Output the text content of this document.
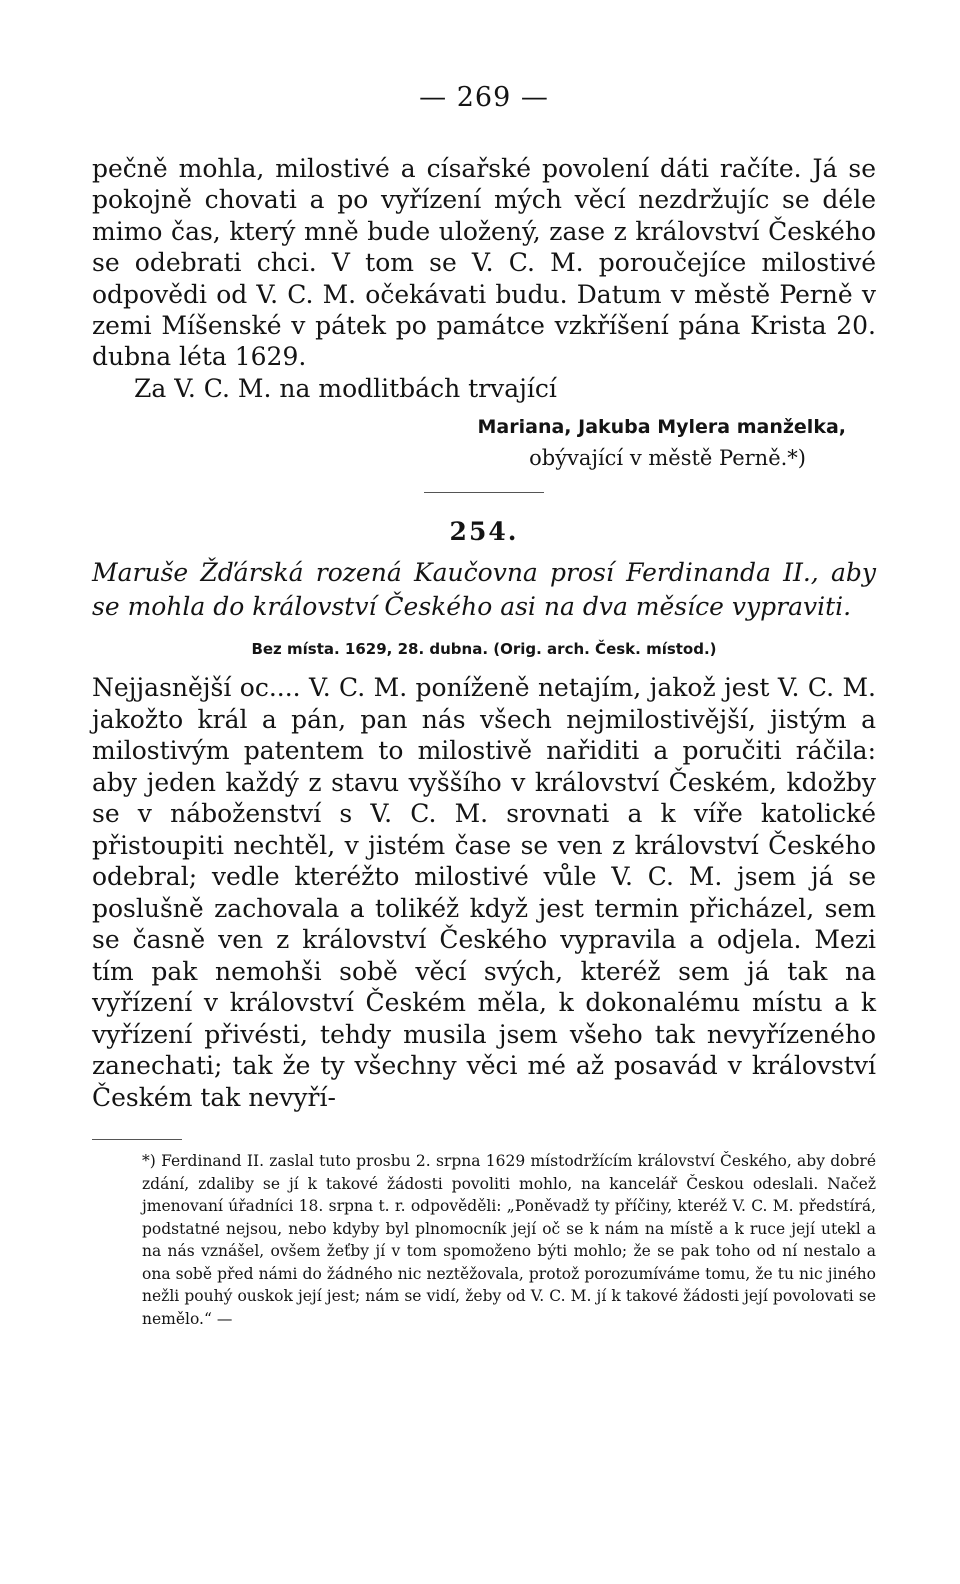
— 269 —

pečně mohla, milostivé a císařské povolení dáti račíte. Já se pokojně chovati a po vyřízení mých věcí nezdržujíc se déle mimo čas, který mně bude uložený, zase z království Českého se odebrati chci. V tom se V. C. M. poroučejíce milostivé odpovědi od V. C. M. očekávati budu. Datum v městě Perně v zemi Míšenské v pátek po památce vzkříšení pána Krista 20. dubna léta 1629.

Za V. C. M. na modlitbách trvající
Mariana, Jakuba Mylera manželka,
obývající v městě Perně.*)
254.

Maruše Žďárská rozená Kaučovna prosí Ferdinanda II., aby se mohla do království Českého asi na dva měsíce vypraviti.

Bez místa. 1629, 28. dubna. (Orig. arch. Česk. místod.)

Nejjasnější oc.... V. C. M. poníženě netajím, jakož jest V. C. M. jakožto král a pán, pan nás všech nejmilostivější, jistým a milostivým patentem to milostivě nařiditi a poručiti ráčila: aby jeden každý z stavu vyššího v království Českém, kdožby se v náboženství s V. C. M. srovnati a k víře katolické přistoupiti nechtěl, v jistém čase se ven z království Českého odebral; vedle kteréžto milostivé vůle V. C. M. jsem já se poslušně zachovala a tolikéž když jest termin přicházel, sem se časně ven z království Českého vypravila a odjela. Mezi tím pak nemohši sobě věcí svých, kteréž sem já tak na vyřízení v království Českém měla, k dokonalému místu a k vyřízení přivésti, tehdy musila jsem všeho tak nevyřízeného zanechati; tak že ty všechny věci mé až posavád v království Českém tak nevyří-

*) Ferdinand II. zaslal tuto prosbu 2. srpna 1629 místodržícím království Českého, aby dobré zdání, zdaliby se jí k takové žádosti povoliti mohlo, na kancelář Českou odeslali. Načež jmenovaní úřadníci 18. srpna t. r. odpověděli: „Poněvadž ty příčiny, kteréž V. C. M. předstírá, podstatné nejsou, nebo kdyby byl plnomocník její oč se k nám na místě a k ruce její utekl a na nás vznášel, ovšem žeťby jí v tom spomoženo býti mohlo; že se pak toho od ní nestalo a ona sobě před námi do žádného nic neztěžovala, protož porozumíváme tomu, že tu nic jiného nežli pouhý ouskok její jest; nám se vidí, žeby od V. C. M. jí k takové žádosti její povolovati se nemělo.“ —
